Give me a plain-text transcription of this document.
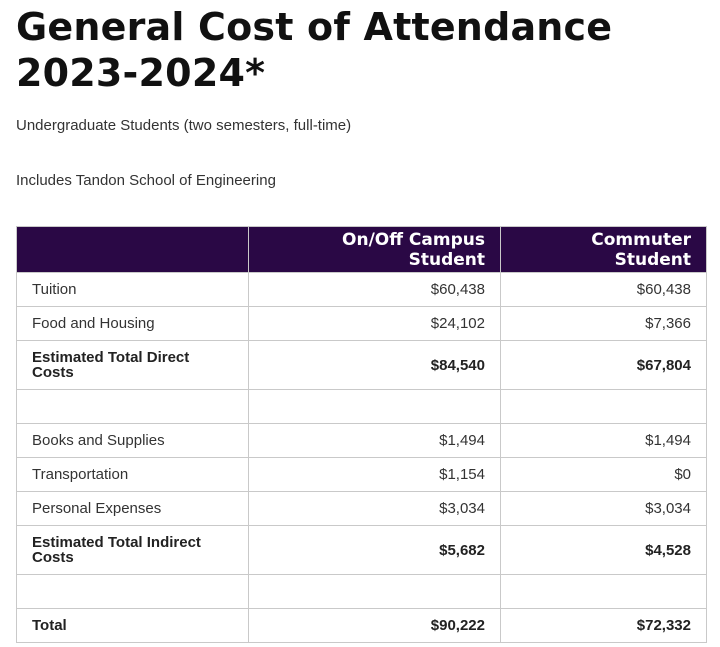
General Cost of Attendance 2023-2024*

Undergraduate Students (two semesters, full-time)

Includes Tandon School of Engineering

	On/Off Campus Student	Commuter Student
Tuition	$60,438	$60,438
Food and Housing	$24,102	$7,366
Estimated Total Direct Costs	$84,540	$67,804

Books and Supplies	$1,494	$1,494
Transportation	$1,154	$0
Personal Expenses	$3,034	$3,034
Estimated Total Indirect Costs	$5,682	$4,528

Total	$90,222	$72,332
